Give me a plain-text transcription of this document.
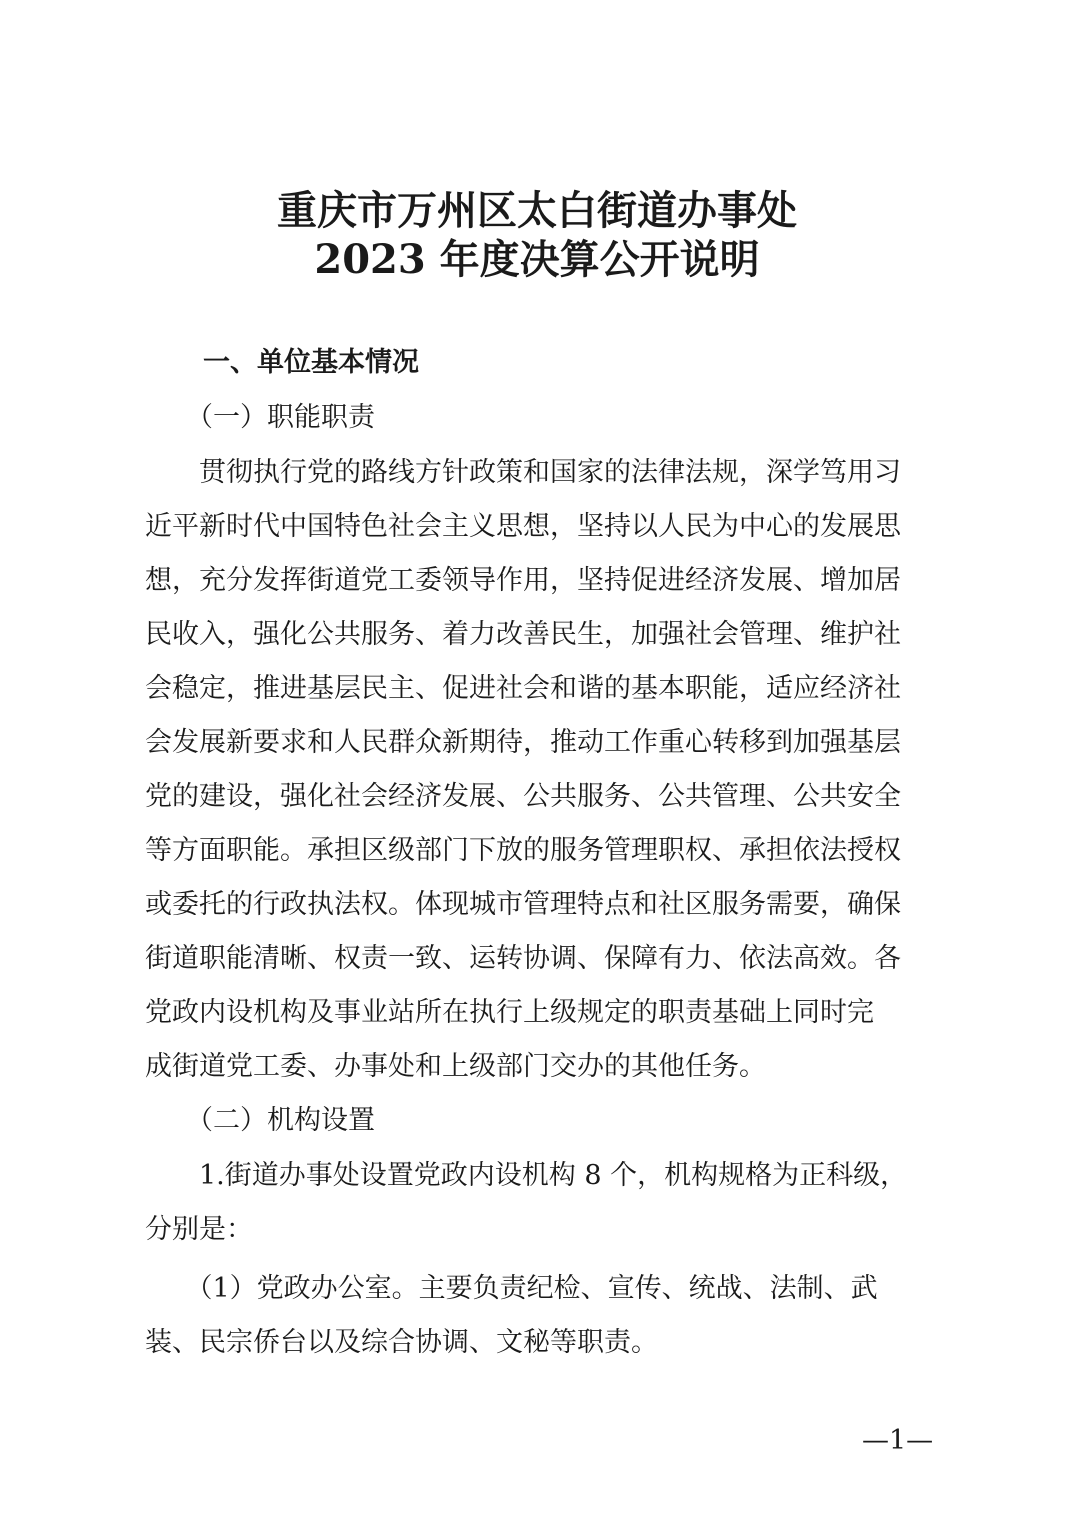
重庆市万州区太白街道办事处
2023 年度决算公开说明
一、单位基本情况
（一）职能职责
　　贯彻执行党的路线方针政策和国家的法律法规，深学笃用习
近平新时代中国特色社会主义思想，坚持以人民为中心的发展思
想，充分发挥街道党工委领导作用，坚持促进经济发展、增加居
民收入，强化公共服务、着力改善民生，加强社会管理、维护社
会稳定，推进基层民主、促进社会和谐的基本职能，适应经济社
会发展新要求和人民群众新期待，推动工作重心转移到加强基层
党的建设，强化社会经济发展、公共服务、公共管理、公共安全
等方面职能。承担区级部门下放的服务管理职权、承担依法授权
或委托的行政执法权。体现城市管理特点和社区服务需要，确保
街道职能清晰、权责一致、运转协调、保障有力、依法高效。各
党政内设机构及事业站所在执行上级规定的职责基础上同时完
成街道党工委、办事处和上级部门交办的其他任务。
（二）机构设置
　　1.街道办事处设置党政内设机构 8 个，机构规格为正科级，
分别是：
　　（1）党政办公室。主要负责纪检、宣传、统战、法制、武
装、民宗侨台以及综合协调、文秘等职责。
—1—
